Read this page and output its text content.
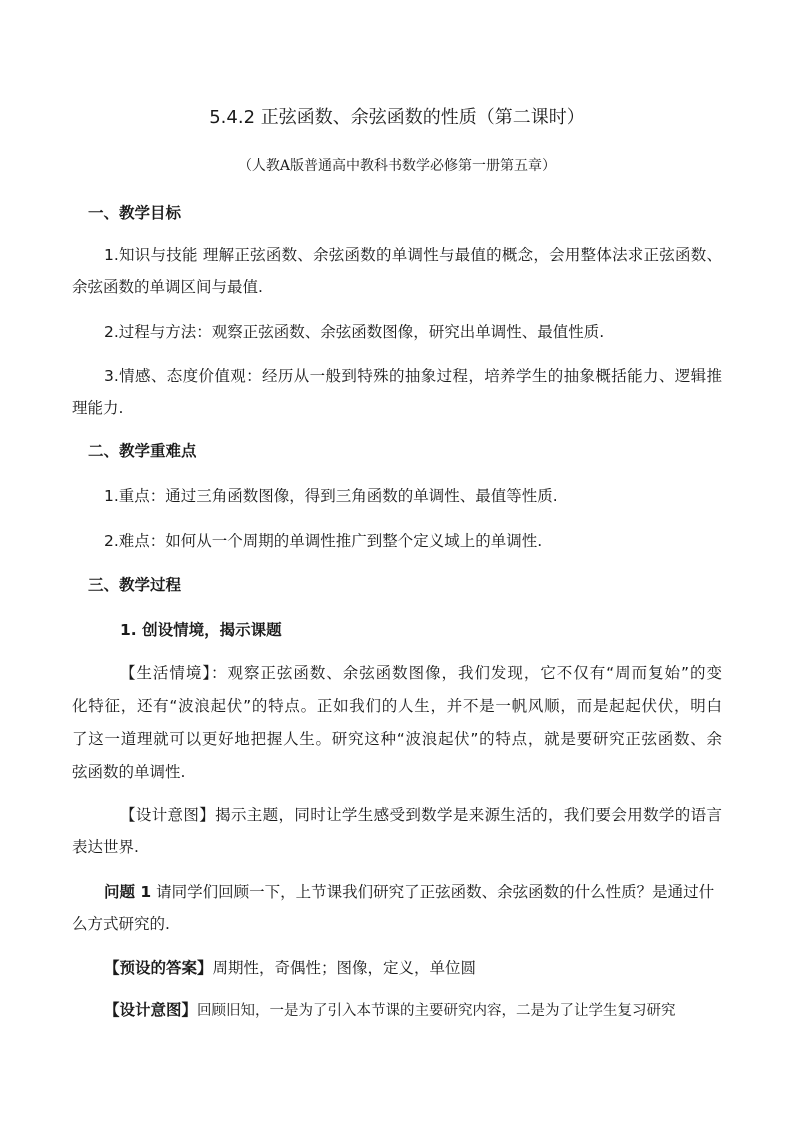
5.4.2 正弦函数、余弦函数的性质（第二课时）
（人教A版普通高中教科书数学必修第一册第五章）
一、教学目标
1.知识与技能 理解正弦函数、余弦函数的单调性与最值的概念，会用整体法求正弦函数、
余弦函数的单调区间与最值.
2.过程与方法：观察正弦函数、余弦函数图像，研究出单调性、最值性质.
3.情感、态度价值观：经历从一般到特殊的抽象过程，培养学生的抽象概括能力、逻辑推
理能力.
二、教学重难点
1.重点：通过三角函数图像，得到三角函数的单调性、最值等性质.
2.难点：如何从一个周期的单调性推广到整个定义域上的单调性.
三、教学过程
1. 创设情境，揭示课题
【生活情境】：观察正弦函数、余弦函数图像，我们发现，它不仅有“周而复始”的变
化特征，还有“波浪起伏”的特点。正如我们的人生，并不是一帆风顺，而是起起伏伏，明白
了这一道理就可以更好地把握人生。研究这种“波浪起伏”的特点，就是要研究正弦函数、余
弦函数的单调性.
【设计意图】揭示主题，同时让学生感受到数学是来源生活的，我们要会用数学的语言
表达世界.
问题 1 请同学们回顾一下，上节课我们研究了正弦函数、余弦函数的什么性质？是通过什
么方式研究的.
【预设的答案】周期性，奇偶性；图像，定义，单位圆
【设计意图】回顾旧知，一是为了引入本节课的主要研究内容，二是为了让学生复习研究
